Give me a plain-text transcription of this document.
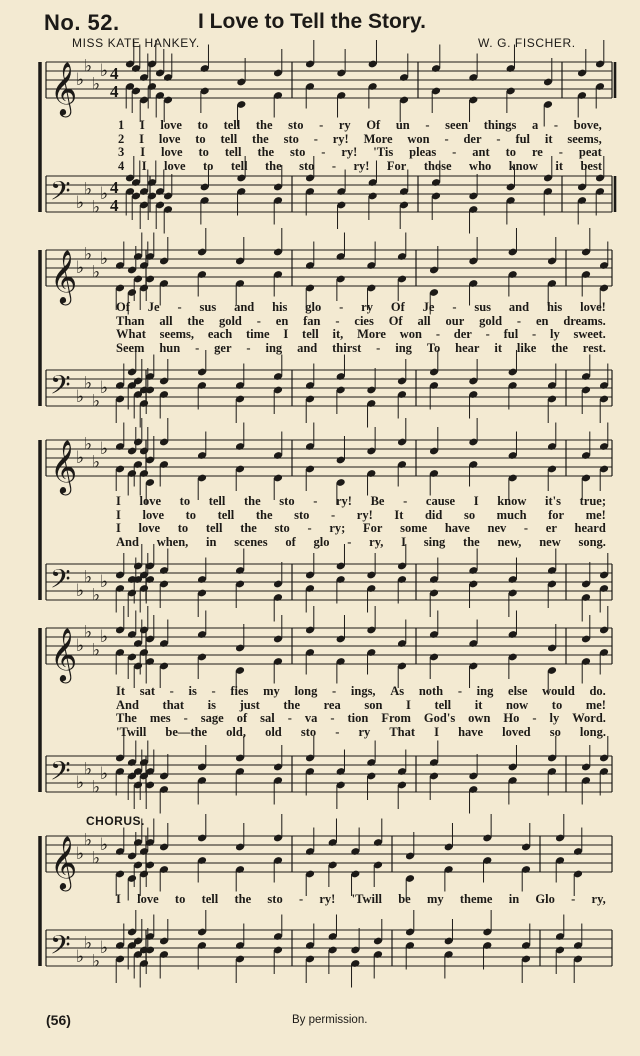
No. 52.	I Love to Tell the Story.
MISS KATE HANKEY.	W. G. FISCHER.
𝄞
♭
♭
♭
♭ 4
4
𝄢 ♭
♭
♭
♭ 4
4
𝄞
♭
♭
♭
♭
𝄢 ♭
♭
♭
♭
𝄞
♭
♭
♭
♭
𝄢 ♭
♭
♭
♭
𝄞
♭
♭
♭
♭
𝄢 ♭
♭
♭
♭
𝄞
♭
♭
♭
♭
𝄢 ♭
♭
♭
♭
1 I love to tell the sto - ry Of un - seen things a - bove,
2 I love to tell the sto - ry! More won - der - ful it seems,
3 I love to tell the sto - ry! 'Tis pleas - ant to re - peat
4 I love to tell the sto - ry! For those who know it best
Of Je - sus and his glo - ry Of Je - sus and his love!
Than all the gold - en fan - cies Of all our gold - en dreams.
What seems, each time I tell it, More won - der - ful - ly sweet.
Seem hun - ger - ing and thirst - ing To hear it like the rest.
I love to tell the sto - ry! Be - cause I know it's true;
I love to tell the sto - ry! It did so much for me!
I love to tell the sto - ry; For some have nev - er heard
And when, in scenes of glo - ry, I sing the new, new song.
It sat - is - fies my long - ings, As noth - ing else would do.
And that is just the rea son I tell it now to me!
The mes - sage of sal - va - tion From God's own Ho - ly Word.
'Twill be—the old, old sto - ry That I have loved so long.
I love to tell the sto - ry! 'Twill be my theme in Glo - ry,
CHORUS.
(56)	By permission.
